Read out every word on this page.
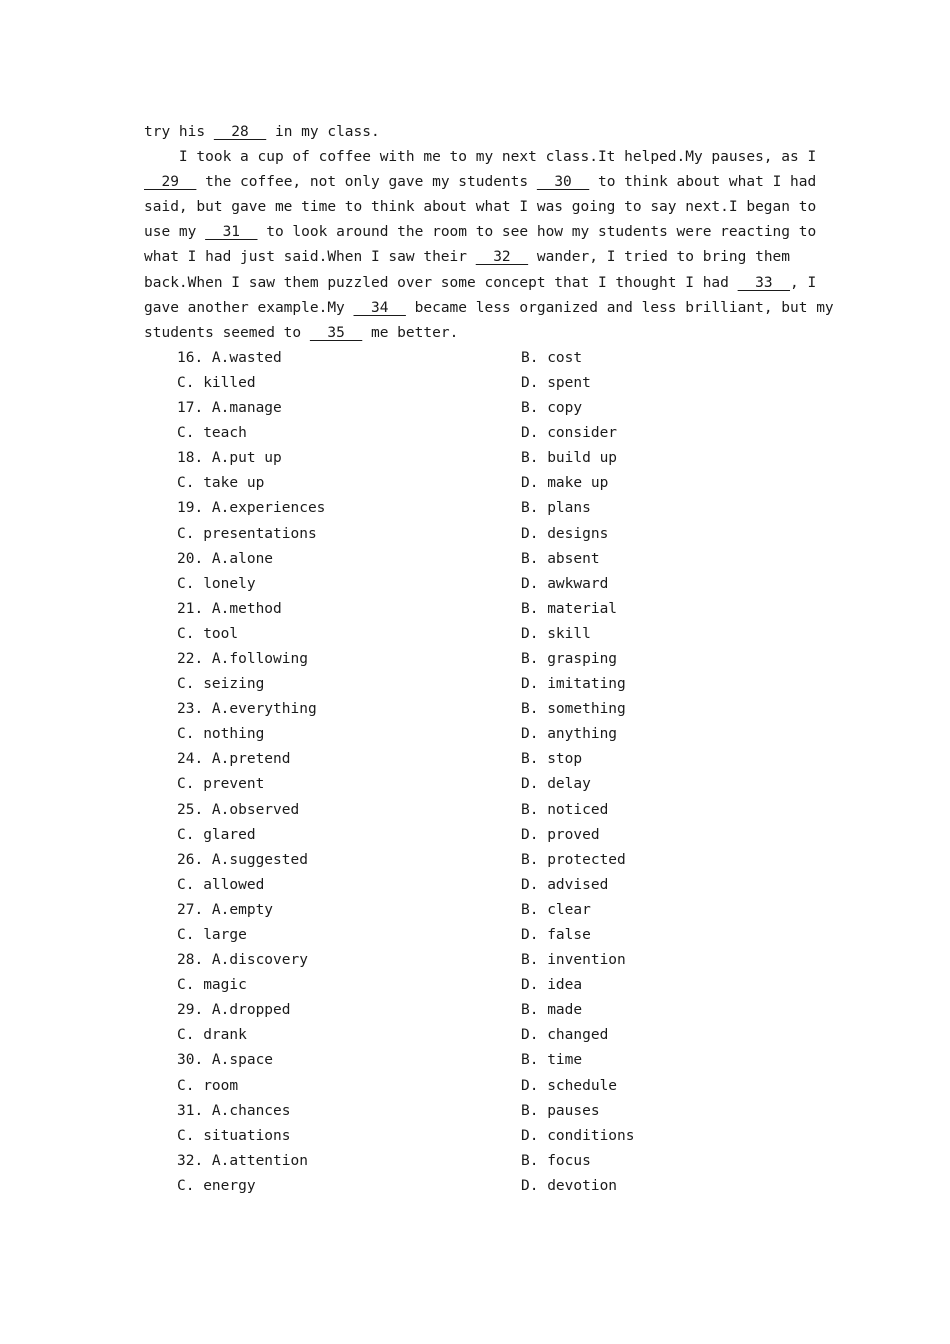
try his 28 in my class.
I took a cup of coffee with me to my next class.It helped.My pauses, as I
29 the coffee, not only gave my students 30 to think about what I had
said, but gave me time to think about what I was going to say next.I began to
use my 31 to look around the room to see how my students were reacting to
what I had just said.When I saw their 32 wander, I tried to bring them
back.When I saw them puzzled over some concept that I thought I had 33 , I
gave another example.My 34 became less organized and less brilliant, but my
students seemed to 35 me better.
16. A.wasted	B. cost
C. killed	D. spent
17. A.manage	B. copy
C. teach	D. consider
18. A.put up	B. build up
C. take up	D. make up
19. A.experiences	B. plans
C. presentations	D. designs
20. A.alone	B. absent
C. lonely	D. awkward
21. A.method	B. material
C. tool	D. skill
22. A.following	B. grasping
C. seizing	D. imitating
23. A.everything	B. something
C. nothing	D. anything
24. A.pretend	B. stop
C. prevent	D. delay
25. A.observed	B. noticed
C. glared	D. proved
26. A.suggested	B. protected
C. allowed	D. advised
27. A.empty	B. clear
C. large	D. false
28. A.discovery	B. invention
C. magic	D. idea
29. A.dropped	B. made
C. drank	D. changed
30. A.space	B. time
C. room	D. schedule
31. A.chances	B. pauses
C. situations	D. conditions
32. A.attention	B. focus
C. energy	D. devotion
